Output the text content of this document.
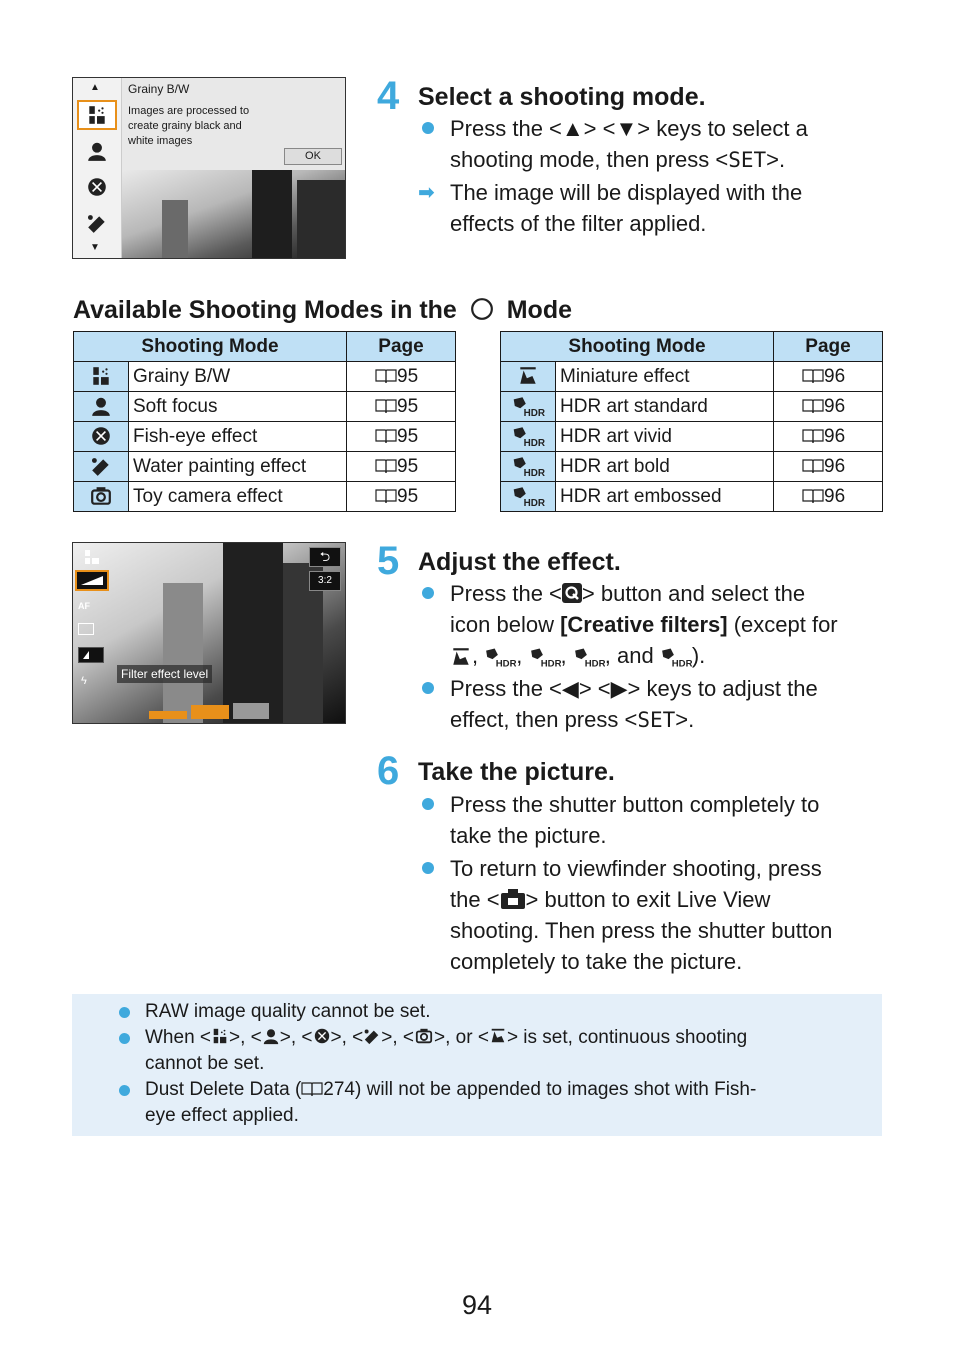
▲
▼
Grainy B/W
Images are processed to create grainy black and white images
OK
4 Select a shooting mode.
Press the <▲> <▼> keys to select a
shooting mode, then press <SET>.
➡ The image will be displayed with the
effects of the filter applied.
Available Shooting Modes in the Mode
Shooting Mode		Page
	Grainy B/W	95
	Soft focus	95
	Fish-eye effect	95
	Water painting effect	95
	Toy camera effect	95
Shooting Mode		Page
	Miniature effect	96
	HDR art standard	96
	HDR art vivid	96
	HDR art bold	96
	HDR art embossed	96
AF
ϟ
⮌
3:2
Filter effect level
5 Adjust the effect.
Press the < > button and select the
icon below [Creative filters] (except for
, , , , and ).
Press the <◀> <▶> keys to adjust the
effect, then press <SET>.
6 Take the picture.
Press the shutter button completely to
take the picture.
To return to viewfinder shooting, press
the < > button to exit Live View
shooting. Then press the shutter button
completely to take the picture.
RAW image quality cannot be set.
When < >, < >, < >, < >, < >, or < > is set, continuous shooting
cannot be set.
Dust Delete Data ( 274) will not be appended to images shot with Fish-
eye effect applied.
94
